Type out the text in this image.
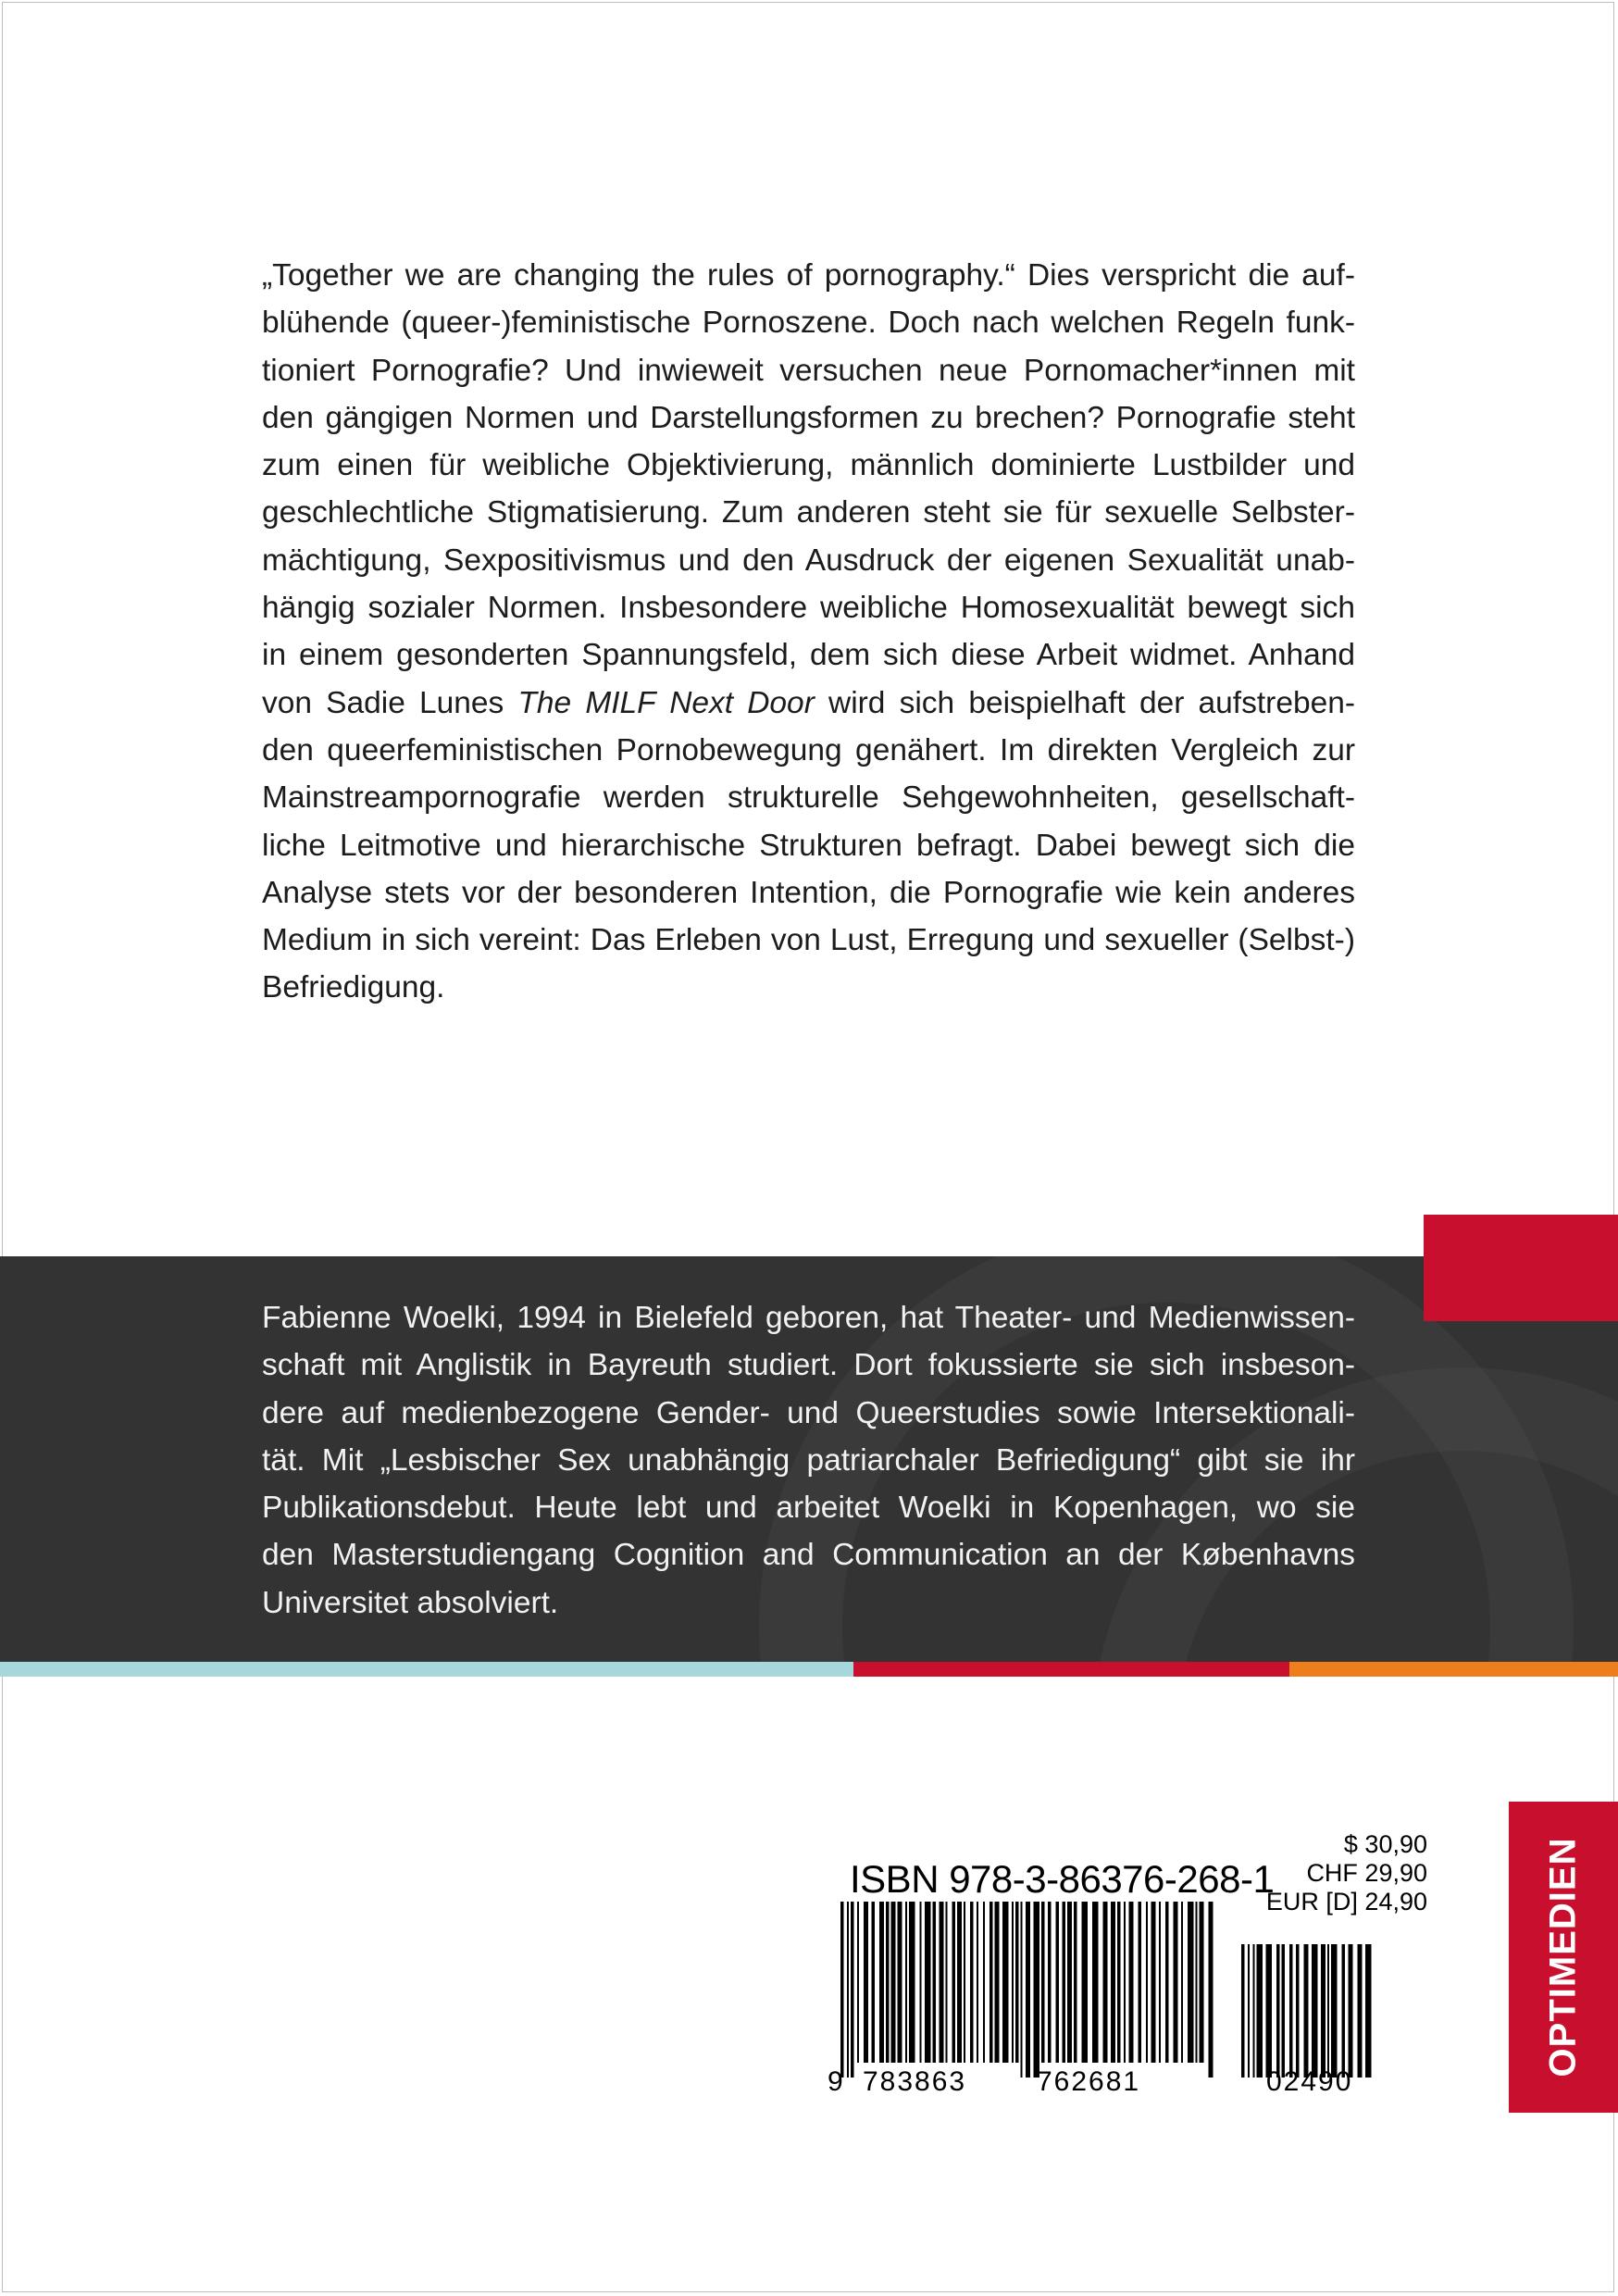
„Together we are changing the rules of pornography.“ Dies verspricht die auf-
blühende (queer-)feministische Pornoszene. Doch nach welchen Regeln funk-
tioniert Pornografie? Und inwieweit versuchen neue Pornomacher*innen mit
den gängigen Normen und Darstellungsformen zu brechen? Pornografie steht
zum einen für weibliche Objektivierung, männlich dominierte Lustbilder und
geschlechtliche Stigmatisierung. Zum anderen steht sie für sexuelle Selbster-
mächtigung, Sexpositivismus und den Ausdruck der eigenen Sexualität unab-
hängig sozialer Normen. Insbesondere weibliche Homosexualität bewegt sich
in einem gesonderten Spannungsfeld, dem sich diese Arbeit widmet. Anhand
von Sadie Lunes The MILF Next Door wird sich beispielhaft der aufstreben-
den queerfeministischen Pornobewegung genähert. Im direkten Vergleich zur
Mainstreampornografie werden strukturelle Sehgewohnheiten, gesellschaft-
liche Leitmotive und hierarchische Strukturen befragt. Dabei bewegt sich die
Analyse stets vor der besonderen Intention, die Pornografie wie kein anderes
Medium in sich vereint: Das Erleben von Lust, Erregung und sexueller (Selbst-)
Befriedigung.
Fabienne Woelki, 1994 in Bielefeld geboren, hat Theater- und Medienwissen-
schaft mit Anglistik in Bayreuth studiert. Dort fokussierte sie sich insbeson-
dere auf medienbezogene Gender- und Queerstudies sowie Intersektionali-
tät. Mit „Lesbischer Sex unabhängig patriarchaler Befriedigung“ gibt sie ihr
Publikationsdebut. Heute lebt und arbeitet Woelki in Kopenhagen, wo sie
den Masterstudiengang Cognition and Communication an der Københavns
Universitet absolviert.
ISBN 978-3-86376-268-1
$ 30,90
CHF 29,90
EUR [D] 24,90
9 783863	762681	02490
OPTIMEDIEN
